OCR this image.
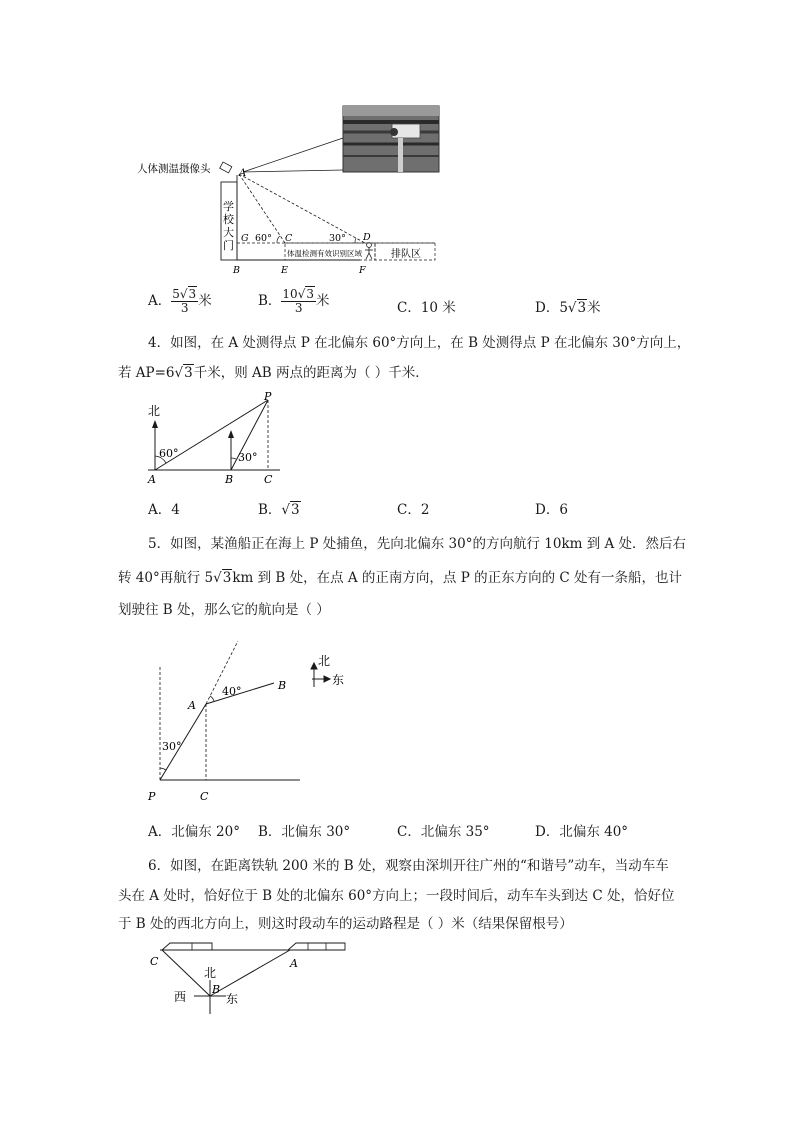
人体测温摄像头	A
学
校
大
门
60°	30°
G	C	D
体温检测有效识别区域	排队区
B	E	F
A． $\frac{5√3}{3}$ 米	B． $\frac{10√3}{3}$ 米	C．10 米	D．5√3米
4．如图，在 A 处测得点 P 在北偏东 60°方向上，在 B 处测得点 P 在北偏东 30°方向上，
若 AP=6√3千米，则 AB 两点的距离为（ ）千米．
北
60°	30°
A	B	C
P
A．4	B．√3	C．2	D．6
5．如图，某渔船正在海上 P 处捕鱼，先向北偏东 30°的方向航行 10km 到 A 处．然后右
转 40°再航行 5√3km 到 B 处，在点 A 的正南方向，点 P 的正东方向的 C 处有一条船，也计
划驶往 B 处，那么它的航向是（ ）
30°
40°
A
B
P	C
北
东
A．北偏东 20° B．北偏东 30°	C．北偏东 35°	D．北偏东 40°
6．如图，在距离铁轨 200 米的 B 处，观察由深圳开往广州的“和谐号”动车，当动车车
头在 A 处时，恰好位于 B 处的北偏东 60°方向上；一段时间后，动车车头到达 C 处，恰好位
于 B 处的西北方向上，则这时段动车的运动路程是（ ）米（结果保留根号）
C	A
北
B
西	东
